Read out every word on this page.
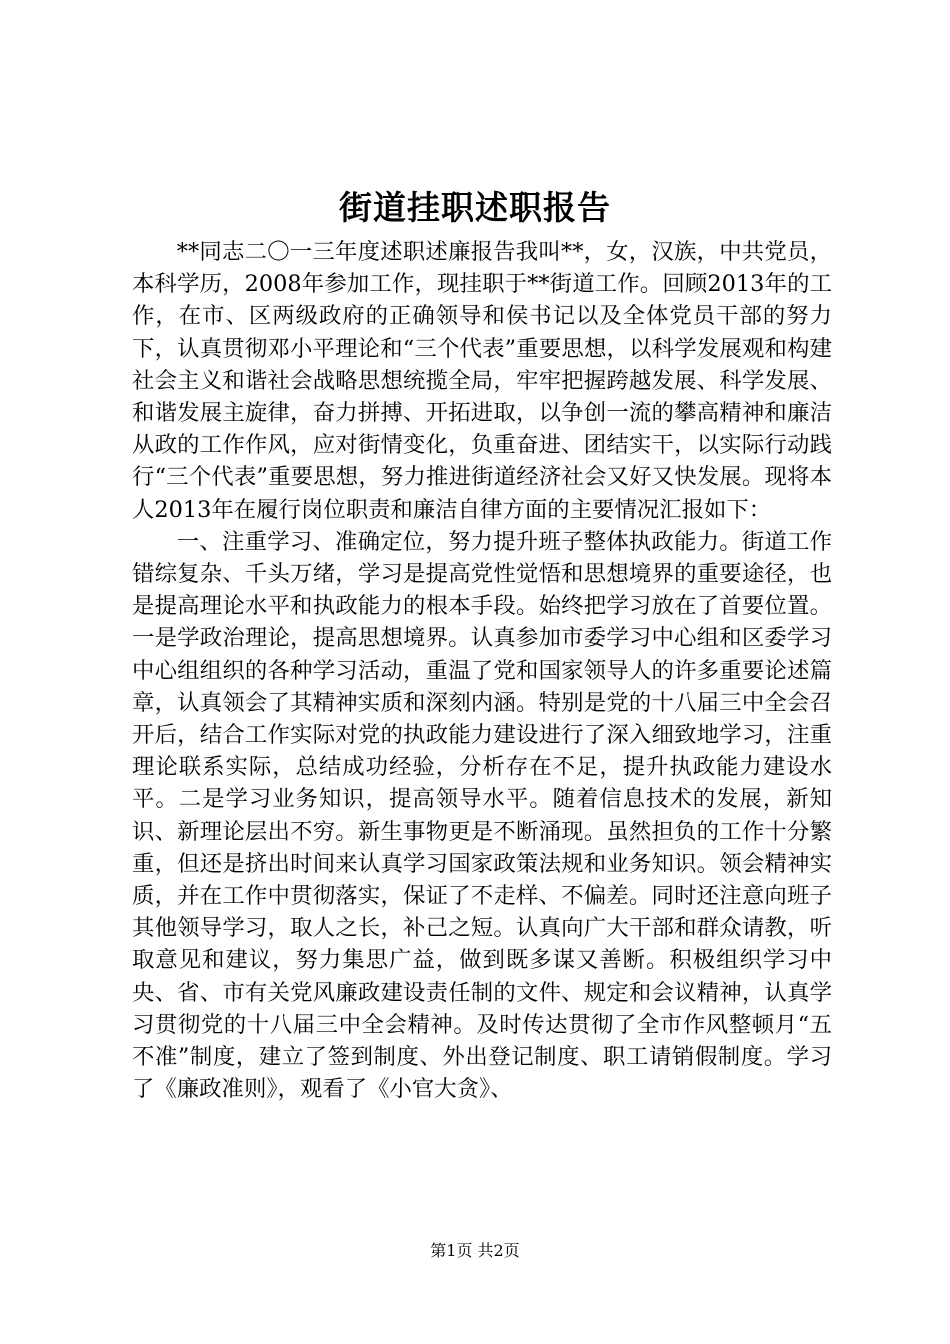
街道挂职述职报告

**同志二〇一三年度述职述廉报告我叫**，女，汉族，中共党员，本科学历，2008年参加工作，现挂职于**街道工作。回顾2013年的工作，在市、区两级政府的正确领导和侯书记以及全体党员干部的努力下，认真贯彻邓小平理论和“三个代表”重要思想，以科学发展观和构建社会主义和谐社会战略思想统揽全局，牢牢把握跨越发展、科学发展、和谐发展主旋律，奋力拼搏、开拓进取，以争创一流的攀高精神和廉洁从政的工作作风，应对街情变化，负重奋进、团结实干，以实际行动践行“三个代表”重要思想，努力推进街道经济社会又好又快发展。现将本人2013年在履行岗位职责和廉洁自律方面的主要情况汇报如下：

一、注重学习、准确定位，努力提升班子整体执政能力。街道工作错综复杂、千头万绪，学习是提高党性觉悟和思想境界的重要途径，也是提高理论水平和执政能力的根本手段。始终把学习放在了首要位置。一是学政治理论，提高思想境界。认真参加市委学习中心组和区委学习中心组组织的各种学习活动，重温了党和国家领导人的许多重要论述篇章，认真领会了其精神实质和深刻内涵。特别是党的十八届三中全会召开后，结合工作实际对党的执政能力建设进行了深入细致地学习，注重理论联系实际，总结成功经验，分析存在不足，提升执政能力建设水平。二是学习业务知识，提高领导水平。随着信息技术的发展，新知识、新理论层出不穷。新生事物更是不断涌现。虽然担负的工作十分繁重，但还是挤出时间来认真学习国家政策法规和业务知识。领会精神实质，并在工作中贯彻落实，保证了不走样、不偏差。同时还注意向班子其他领导学习，取人之长，补己之短。认真向广大干部和群众请教，听取意见和建议，努力集思广益，做到既多谋又善断。积极组织学习中央、省、市有关党风廉政建设责任制的文件、规定和会议精神，认真学习贯彻党的十八届三中全会精神。及时传达贯彻了全市作风整顿月“五不准”制度，建立了签到制度、外出登记制度、职工请销假制度。学习了《廉政准则》，观看了《小官大贪》、

第1页 共2页
